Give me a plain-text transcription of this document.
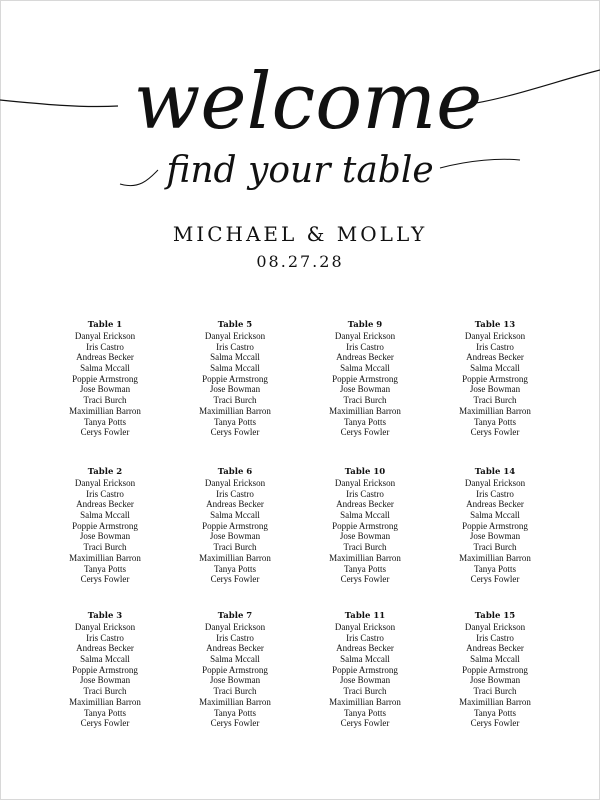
welcome
find your table
MICHAEL & MOLLY
08.27.28
Table 1
Danyal Erickson
Iris Castro
Andreas Becker
Salma Mccall
Poppie Armstrong
Jose Bowman
Traci Burch
Maximillian Barron
Tanya Potts
Cerys Fowler
Table 2
Danyal Erickson
Iris Castro
Andreas Becker
Salma Mccall
Poppie Armstrong
Jose Bowman
Traci Burch
Maximillian Barron
Tanya Potts
Cerys Fowler
Table 3
Danyal Erickson
Iris Castro
Andreas Becker
Salma Mccall
Poppie Armstrong
Jose Bowman
Traci Burch
Maximillian Barron
Tanya Potts
Cerys Fowler
Table 5
Danyal Erickson
Iris Castro
Salma Mccall
Salma Mccall
Poppie Armstrong
Jose Bowman
Traci Burch
Maximillian Barron
Tanya Potts
Cerys Fowler
Table 6
Danyal Erickson
Iris Castro
Andreas Becker
Salma Mccall
Poppie Armstrong
Jose Bowman
Traci Burch
Maximillian Barron
Tanya Potts
Cerys Fowler
Table 7
Danyal Erickson
Iris Castro
Andreas Becker
Salma Mccall
Poppie Armstrong
Jose Bowman
Traci Burch
Maximillian Barron
Tanya Potts
Cerys Fowler
Table 9
Danyal Erickson
Iris Castro
Andreas Becker
Salma Mccall
Poppie Armstrong
Jose Bowman
Traci Burch
Maximillian Barron
Tanya Potts
Cerys Fowler
Table 10
Danyal Erickson
Iris Castro
Andreas Becker
Salma Mccall
Poppie Armstrong
Jose Bowman
Traci Burch
Maximillian Barron
Tanya Potts
Cerys Fowler
Table 11
Danyal Erickson
Iris Castro
Andreas Becker
Salma Mccall
Poppie Armstrong
Jose Bowman
Traci Burch
Maximillian Barron
Tanya Potts
Cerys Fowler
Table 13
Danyal Erickson
Iris Castro
Andreas Becker
Salma Mccall
Poppie Armstrong
Jose Bowman
Traci Burch
Maximillian Barron
Tanya Potts
Cerys Fowler
Table 14
Danyal Erickson
Iris Castro
Andreas Becker
Salma Mccall
Poppie Armstrong
Jose Bowman
Traci Burch
Maximillian Barron
Tanya Potts
Cerys Fowler
Table 15
Danyal Erickson
Iris Castro
Andreas Becker
Salma Mccall
Poppie Armstrong
Jose Bowman
Traci Burch
Maximillian Barron
Tanya Potts
Cerys Fowler
